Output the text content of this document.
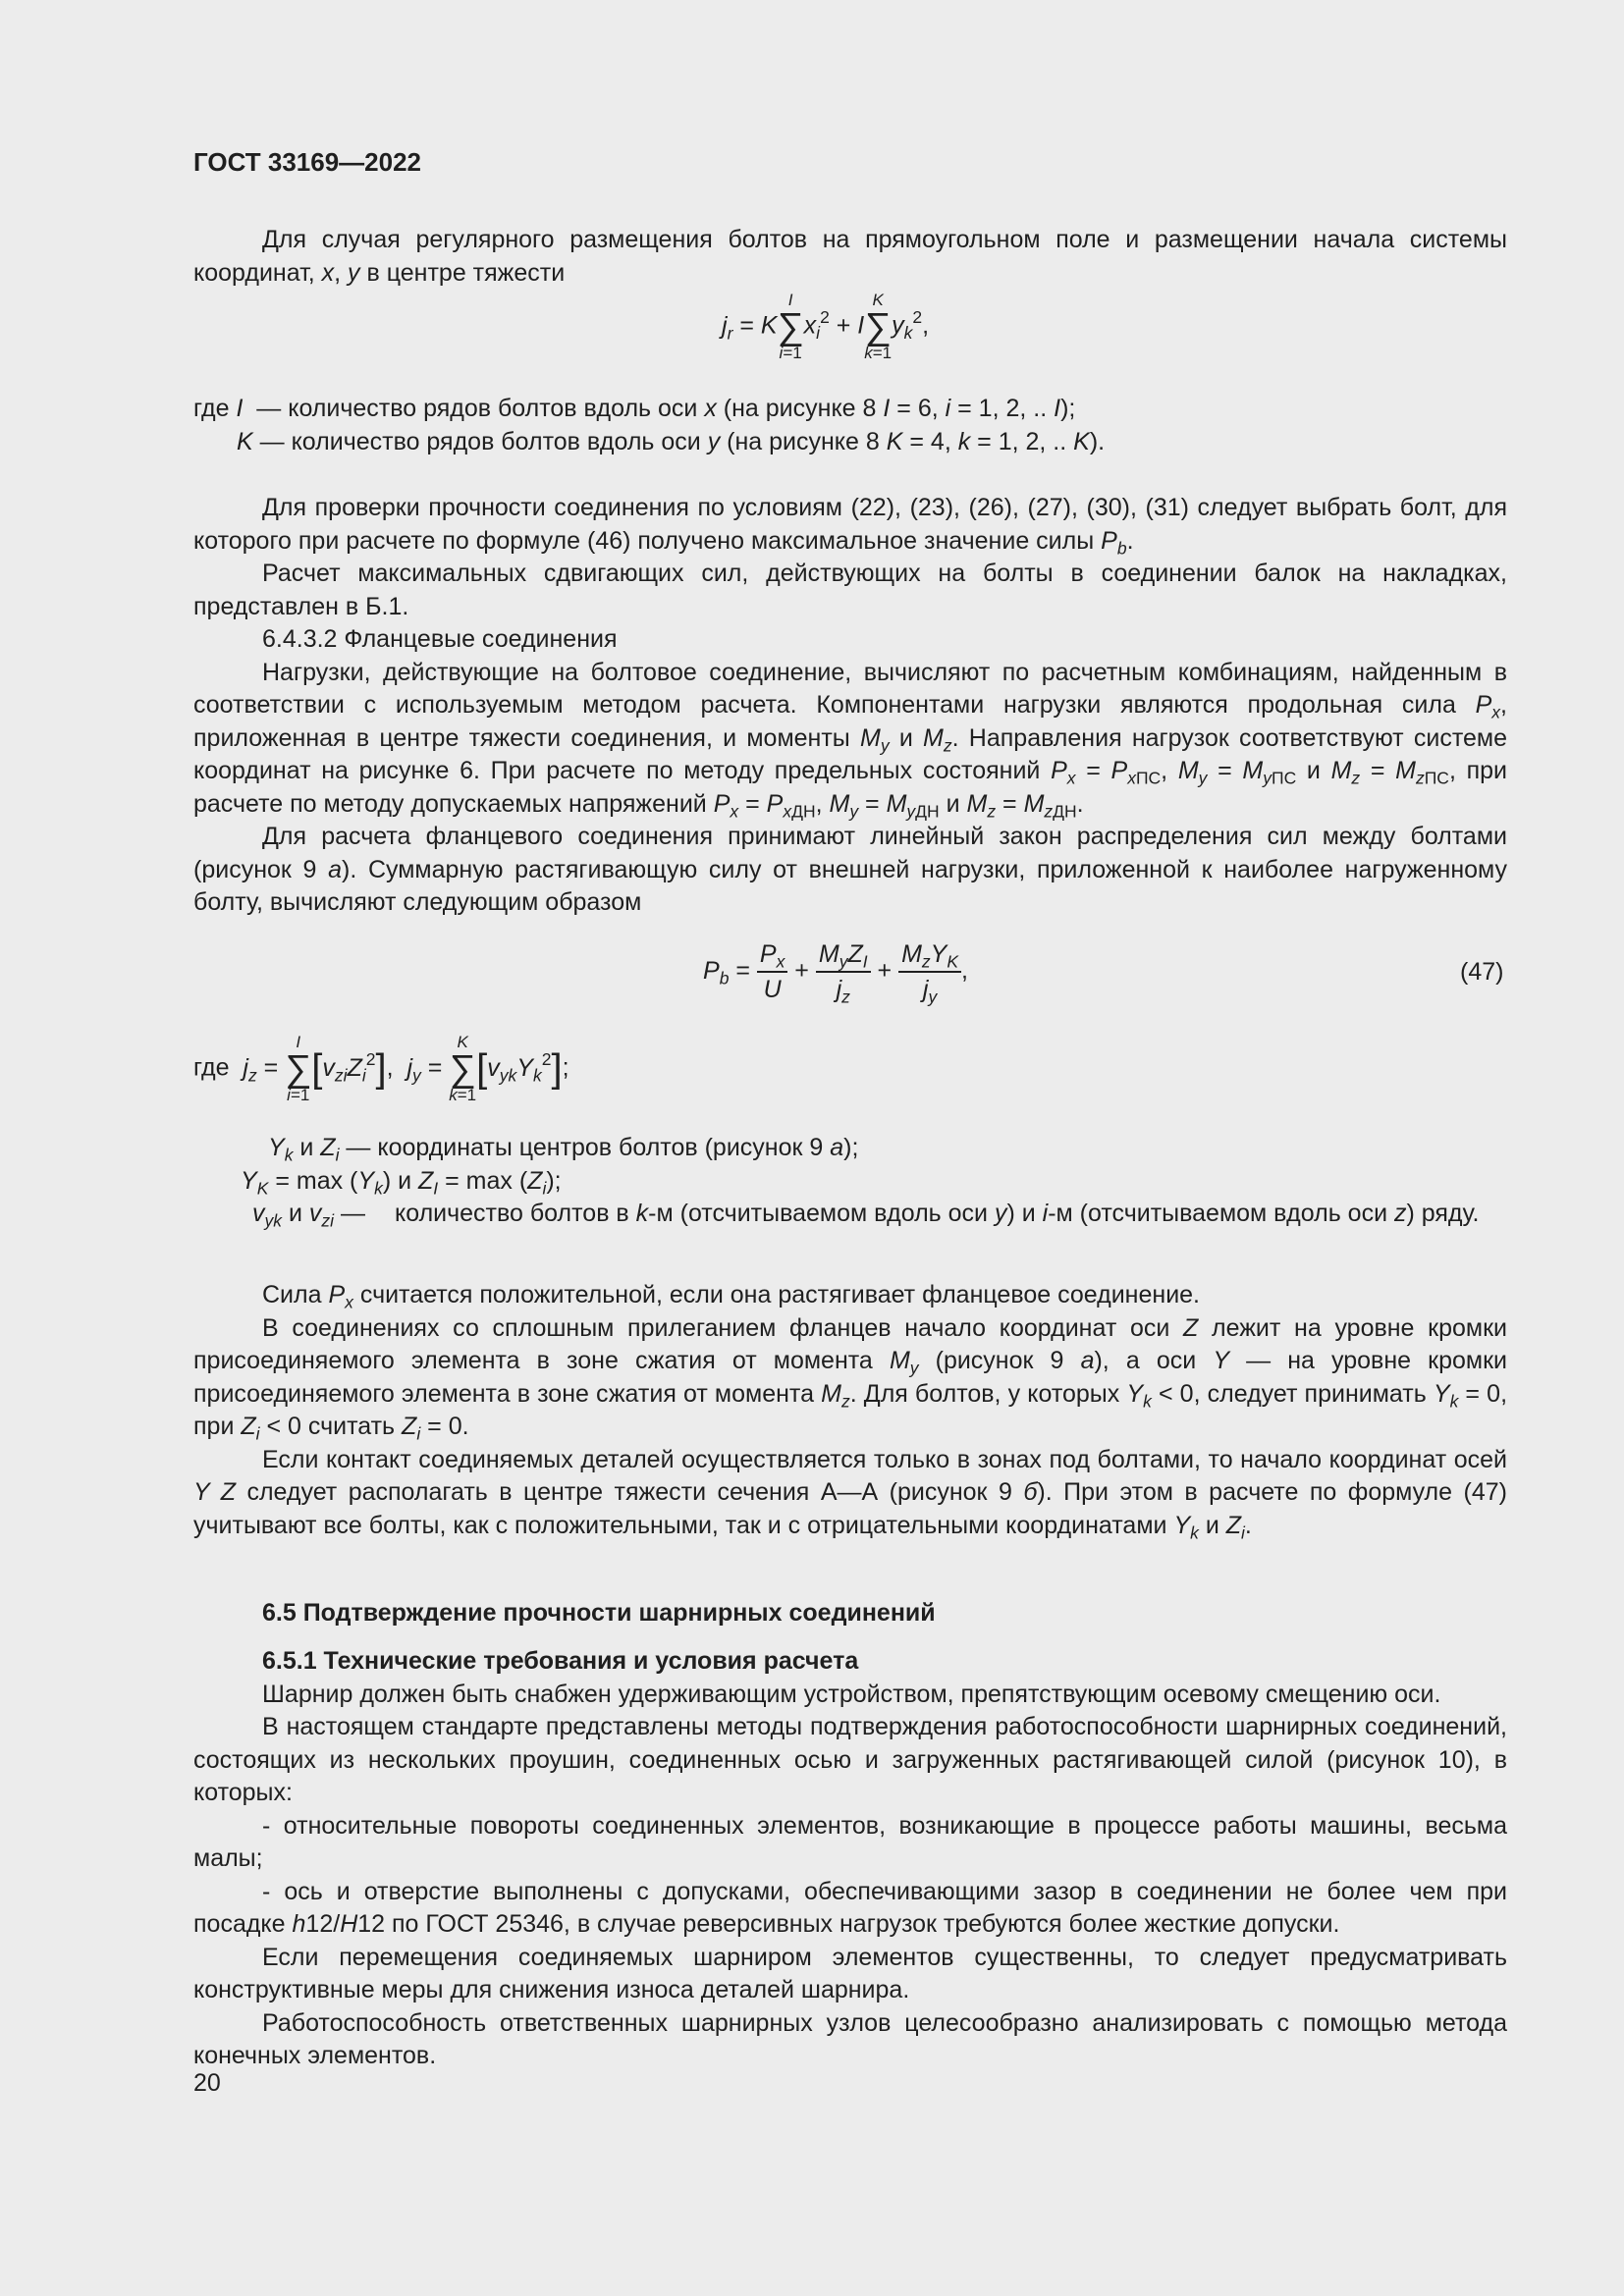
ГОСТ 33169—2022

Для случая регулярного размещения болтов на прямоугольном поле и размещении начала системы координат, x, y в центре тяжести

$j_r = K$
I
∑
i=1
$x_i^2 + I$
K
∑
k=1
$y_k^2$,
где I  — количество рядов болтов вдоль оси x (на рисунке 8 I = 6, i = 1, 2, .. I);
K — количество рядов болтов вдоль оси y (на рисунке 8 K = 4, k = 1, 2, .. K).

Для проверки прочности соединения по условиям (22), (23), (26), (27), (30), (31) следует выбрать болт, для которого при расчете по формуле (46) получено максимальное значение силы $P_b$.

Расчет максимальных сдвигающих сил, действующих на болты в соединении балок на накладках, представлен в Б.1.

6.4.3.2 Фланцевые соединения

Нагрузки, действующие на болтовое соединение, вычисляют по расчетным комбинациям, найденным в соответствии с используемым методом расчета. Компонентами нагрузки являются продольная сила $P_x$, приложенная в центре тяжести соединения, и моменты $M_y$ и $M_z$. Направления нагрузок соответствуют системе координат на рисунке 6. При расчете по методу предельных состояний $P_x = P_{xПС}$, $M_y = M_{yПС}$ и $M_z = M_{zПС}$, при расчете по методу допускаемых напряжений $P_x = P_{xДН}$, $M_y = M_{yДН}$ и $M_z = M_{zДН}$.

Для расчета фланцевого соединения принимают линейный закон распределения сил между болтами (рисунок 9 а). Суммарную растягивающую силу от внешней нагрузки, приложенной к наиболее нагруженному болту, вычисляют следующим образом

$P_b = \frac{P_x}{U} + \frac{M_yZ_I}{j_z} + \frac{M_zY_K}{j_y}$ ,	(47)
где  $j_z$ =
I
∑
i=1
$[v_{zi}Z_i^2]$,  $j_y$ =
K
∑
k=1
$[v_{yk}Y_k^2]$;
$Y_k$ и $Z_i$ — координаты центров болтов (рисунок 9 а);
$Y_K = \max (Y_k)$ и $Z_I = \max (Z_i)$;
$v_{yk}$ и $v_{zi}$ — количество болтов в k-м (отсчитываемом вдоль оси y) и i-м (отсчитываемом вдоль оси z) ряду.

Сила $P_x$ считается положительной, если она растягивает фланцевое соединение.

В соединениях со сплошным прилеганием фланцев начало координат оси Z лежит на уровне кромки присоединяемого элемента в зоне сжатия от момента $M_y$ (рисунок 9 а), а оси Y — на уровне кромки присоединяемого элемента в зоне сжатия от момента $M_z$. Для болтов, у которых $Y_k < 0$, следует принимать $Y_k = 0$, при $Z_i < 0$ считать $Z_i = 0$.

Если контакт соединяемых деталей осуществляется только в зонах под болтами, то начало координат осей Y Z следует располагать в центре тяжести сечения А—А (рисунок 9 б). При этом в расчете по формуле (47) учитывают все болты, как с положительными, так и с отрицательными координатами $Y_k$ и $Z_i$.

6.5 Подтверждение прочности шарнирных соединений

6.5.1 Технические требования и условия расчета

Шарнир должен быть снабжен удерживающим устройством, препятствующим осевому смещению оси.

В настоящем стандарте представлены методы подтверждения работоспособности шарнирных соединений, состоящих из нескольких проушин, соединенных осью и загруженных растягивающей силой (рисунок 10), в которых:

- относительные повороты соединенных элементов, возникающие в процессе работы машины, весьма малы;

- ось и отверстие выполнены с допусками, обеспечивающими зазор в соединении не более чем при посадке h12/H12 по ГОСТ 25346, в случае реверсивных нагрузок требуются более жесткие допуски.

Если перемещения соединяемых шарниром элементов существенны, то следует предусматривать конструктивные меры для снижения износа деталей шарнира.

Работоспособность ответственных шарнирных узлов целесообразно анализировать с помощью метода конечных элементов.

20
